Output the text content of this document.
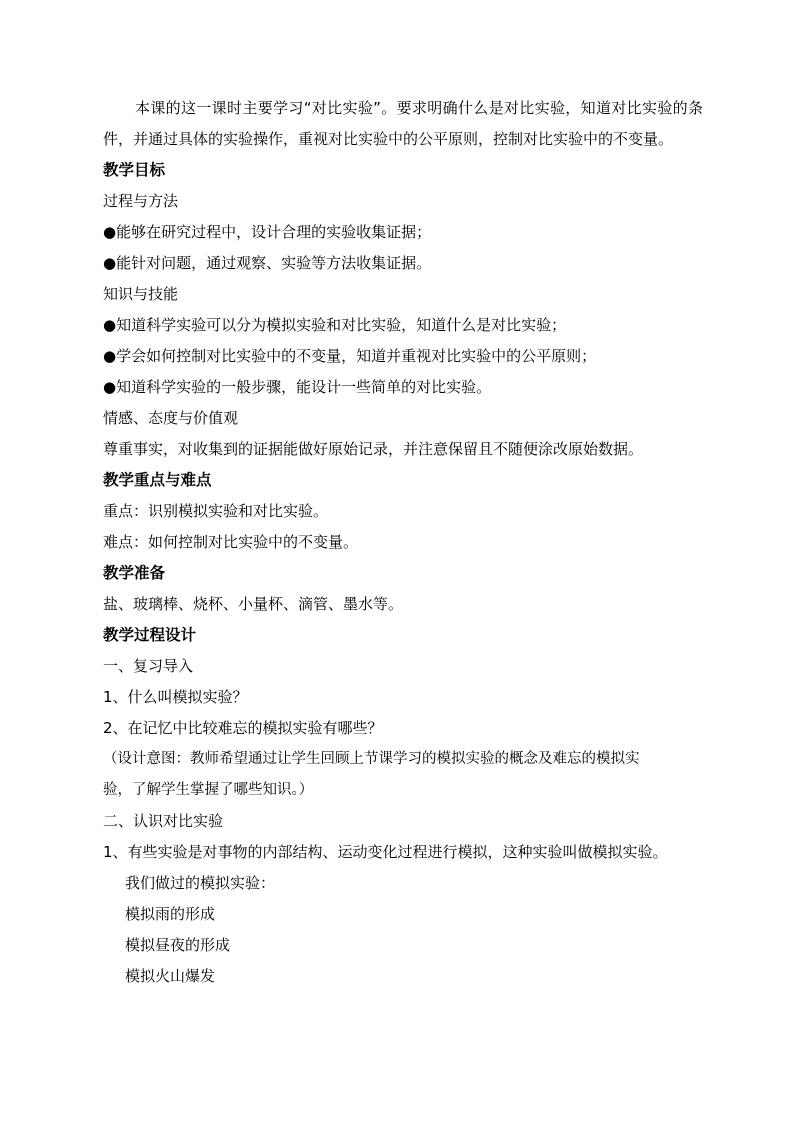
本课的这一课时主要学习“对比实验”。要求明确什么是对比实验，知道对比实验的条件，并通过具体的实验操作，重视对比实验中的公平原则，控制对比实验中的不变量。
教学目标
过程与方法
● 能够在研究过程中，设计合理的实验收集证据；
● 能针对问题，通过观察、实验等方法收集证据。
知识与技能
● 知道科学实验可以分为模拟实验和对比实验，知道什么是对比实验；
● 学会如何控制对比实验中的不变量，知道并重视对比实验中的公平原则；
● 知道科学实验的一般步骤，能设计一些简单的对比实验。
情感、态度与价值观
尊重事实，对收集到的证据能做好原始记录，并注意保留且不随便涂改原始数据。
教学重点与难点
重点：识别模拟实验和对比实验。
难点：如何控制对比实验中的不变量。
教学准备
盐、玻璃棒、烧杯、小量杯、滴管、墨水等。
教学过程设计
一、复习导入
1、什么叫模拟实验？
2、在记忆中比较难忘的模拟实验有哪些？
（设计意图：教师希望通过让学生回顾上节课学习的模拟实验的概念及难忘的模拟实
验，了解学生掌握了哪些知识。）
二、认识对比实验
1、有些实验是对事物的内部结构、运动变化过程进行模拟，这种实验叫做模拟实验。
我们做过的模拟实验：
模拟雨的形成
模拟昼夜的形成
模拟火山爆发
